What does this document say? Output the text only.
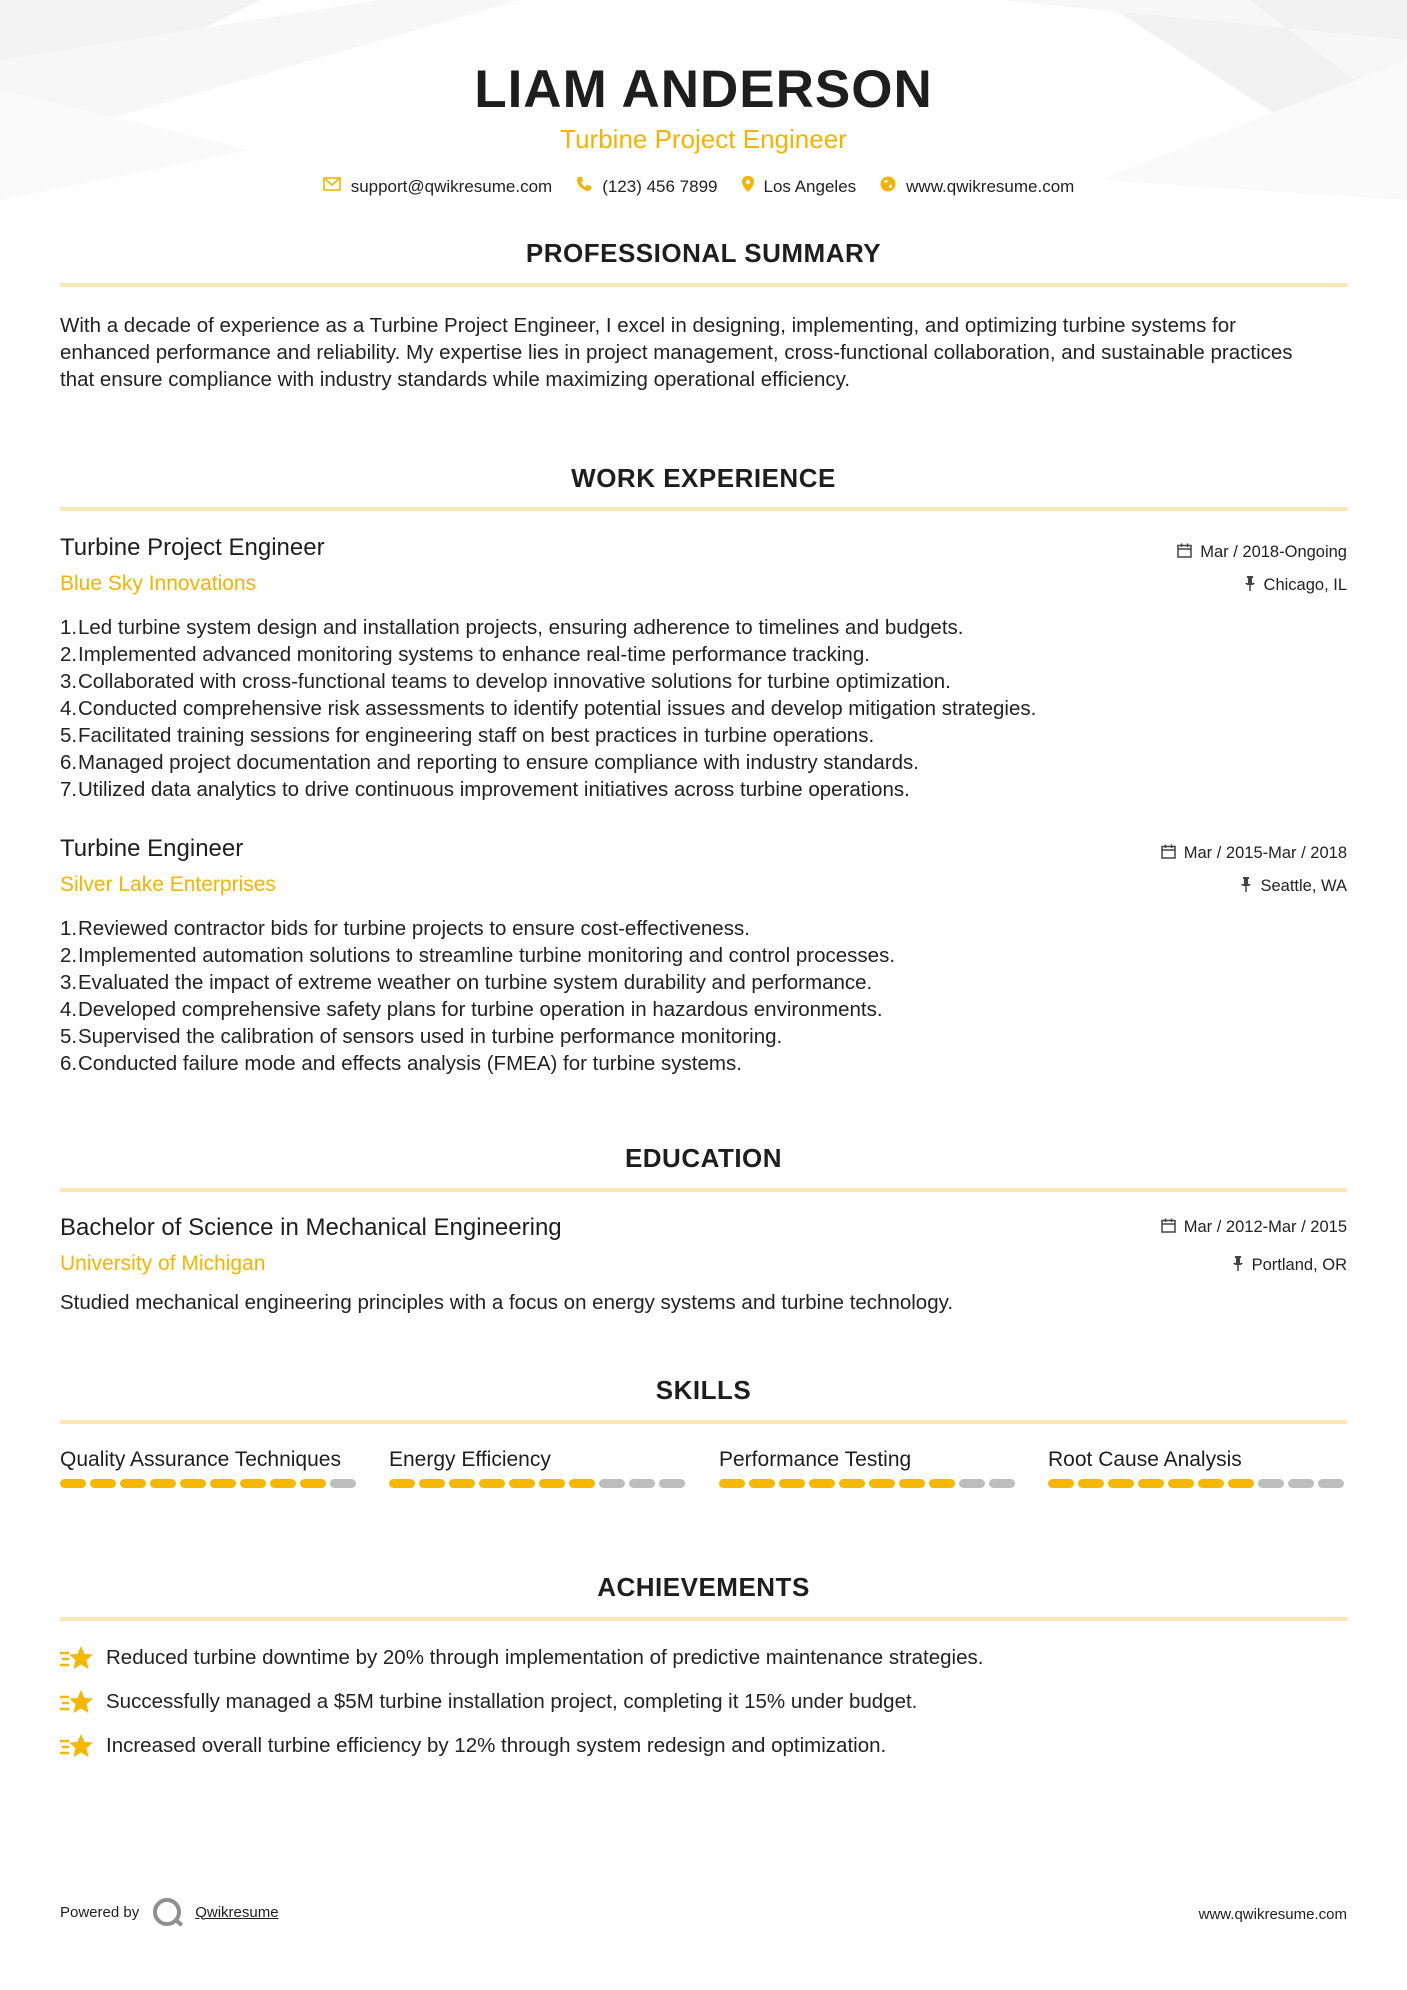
LIAM ANDERSON
Turbine Project Engineer
support@qwikresume.com	(123) 456 7899	Los Angeles	www.qwikresume.com
PROFESSIONAL SUMMARY
With a decade of experience as a Turbine Project Engineer, I excel in designing, implementing, and optimizing turbine systems for enhanced performance and reliability. My expertise lies in project management, cross-functional collaboration, and sustainable practices that ensure compliance with industry standards while maximizing operational efficiency.
WORK EXPERIENCE
Turbine Project Engineer	Mar / 2018-Ongoing
Blue Sky Innovations	Chicago, IL
1. Led turbine system design and installation projects, ensuring adherence to timelines and budgets.
2. Implemented advanced monitoring systems to enhance real-time performance tracking.
3. Collaborated with cross-functional teams to develop innovative solutions for turbine optimization.
4. Conducted comprehensive risk assessments to identify potential issues and develop mitigation strategies.
5. Facilitated training sessions for engineering staff on best practices in turbine operations.
6. Managed project documentation and reporting to ensure compliance with industry standards.
7. Utilized data analytics to drive continuous improvement initiatives across turbine operations.
Turbine Engineer	Mar / 2015-Mar / 2018
Silver Lake Enterprises	Seattle, WA
1. Reviewed contractor bids for turbine projects to ensure cost-effectiveness.
2. Implemented automation solutions to streamline turbine monitoring and control processes.
3. Evaluated the impact of extreme weather on turbine system durability and performance.
4. Developed comprehensive safety plans for turbine operation in hazardous environments.
5. Supervised the calibration of sensors used in turbine performance monitoring.
6. Conducted failure mode and effects analysis (FMEA) for turbine systems.
EDUCATION
Bachelor of Science in Mechanical Engineering	Mar / 2012-Mar / 2015
University of Michigan	Portland, OR
Studied mechanical engineering principles with a focus on energy systems and turbine technology.
SKILLS
Quality Assurance Techniques	Energy Efficiency	Performance Testing	Root Cause Analysis
ACHIEVEMENTS
Reduced turbine downtime by 20% through implementation of predictive maintenance strategies.
Successfully managed a $5M turbine installation project, completing it 15% under budget.
Increased overall turbine efficiency by 12% through system redesign and optimization.
Powered by	Qwikresume	www.qwikresume.com
